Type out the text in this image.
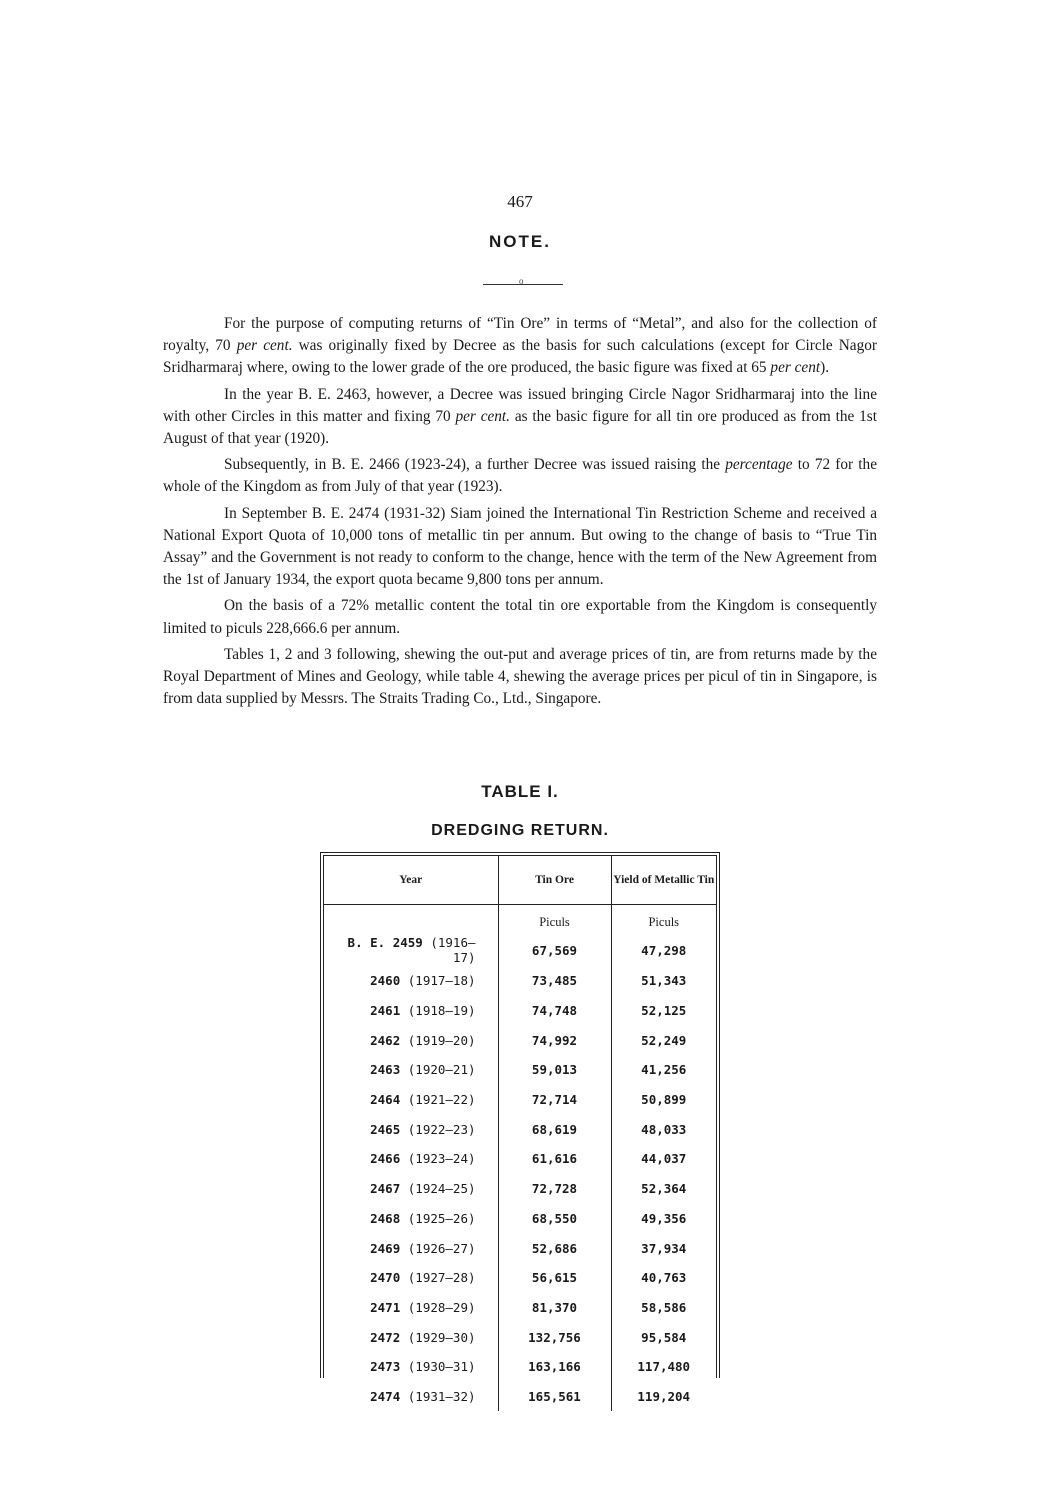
467
NOTE.
o

For the purpose of computing returns of “Tin Ore” in terms of “Metal”, and also for the collection of royalty, 70 per cent. was originally fixed by Decree as the basis for such calculations (except for Circle Nagor Sridharmaraj where, owing to the lower grade of the ore produced, the basic figure was fixed at 65 per cent).

In the year B. E. 2463, however, a Decree was issued bringing Circle Nagor Sridharmaraj into the line with other Circles in this matter and fixing 70 per cent. as the basic figure for all tin ore produced as from the 1st August of that year (1920).

Subsequently, in B. E. 2466 (1923-24), a further Decree was issued raising the percentage to 72 for the whole of the Kingdom as from July of that year (1923).

In September B. E. 2474 (1931-32) Siam joined the International Tin Restriction Scheme and received a National Export Quota of 10,000 tons of metallic tin per annum. But owing to the change of basis to “True Tin Assay” and the Government is not ready to conform to the change, hence with the term of the New Agreement from the 1st of January 1934, the export quota became 9,800 tons per annum.

On the basis of a 72% metallic content the total tin ore exportable from the Kingdom is consequently limited to piculs 228,666.6 per annum.

Tables 1, 2 and 3 following, shewing the out-put and average prices of tin, are from returns made by the Royal Department of Mines and Geology, while table 4, shewing the average prices per picul of tin in Singapore, is from data supplied by Messrs. The Straits Trading Co., Ltd., Singapore.

TABLE I.
DREDGING RETURN.
Year	Tin Ore	Yield of Metallic Tin
	Piculs	Piculs
B. E. 2459 (1916–17)	67,569	47,298
2460 (1917–18)	73,485	51,343
2461 (1918–19)	74,748	52,125
2462 (1919–20)	74,992	52,249
2463 (1920–21)	59,013	41,256
2464 (1921–22)	72,714	50,899
2465 (1922–23)	68,619	48,033
2466 (1923–24)	61,616	44,037
2467 (1924–25)	72,728	52,364
2468 (1925–26)	68,550	49,356
2469 (1926–27)	52,686	37,934
2470 (1927–28)	56,615	40,763
2471 (1928–29)	81,370	58,586
2472 (1929–30)	132,756	95,584
2473 (1930–31)	163,166	117,480
2474 (1931–32)	165,561	119,204
